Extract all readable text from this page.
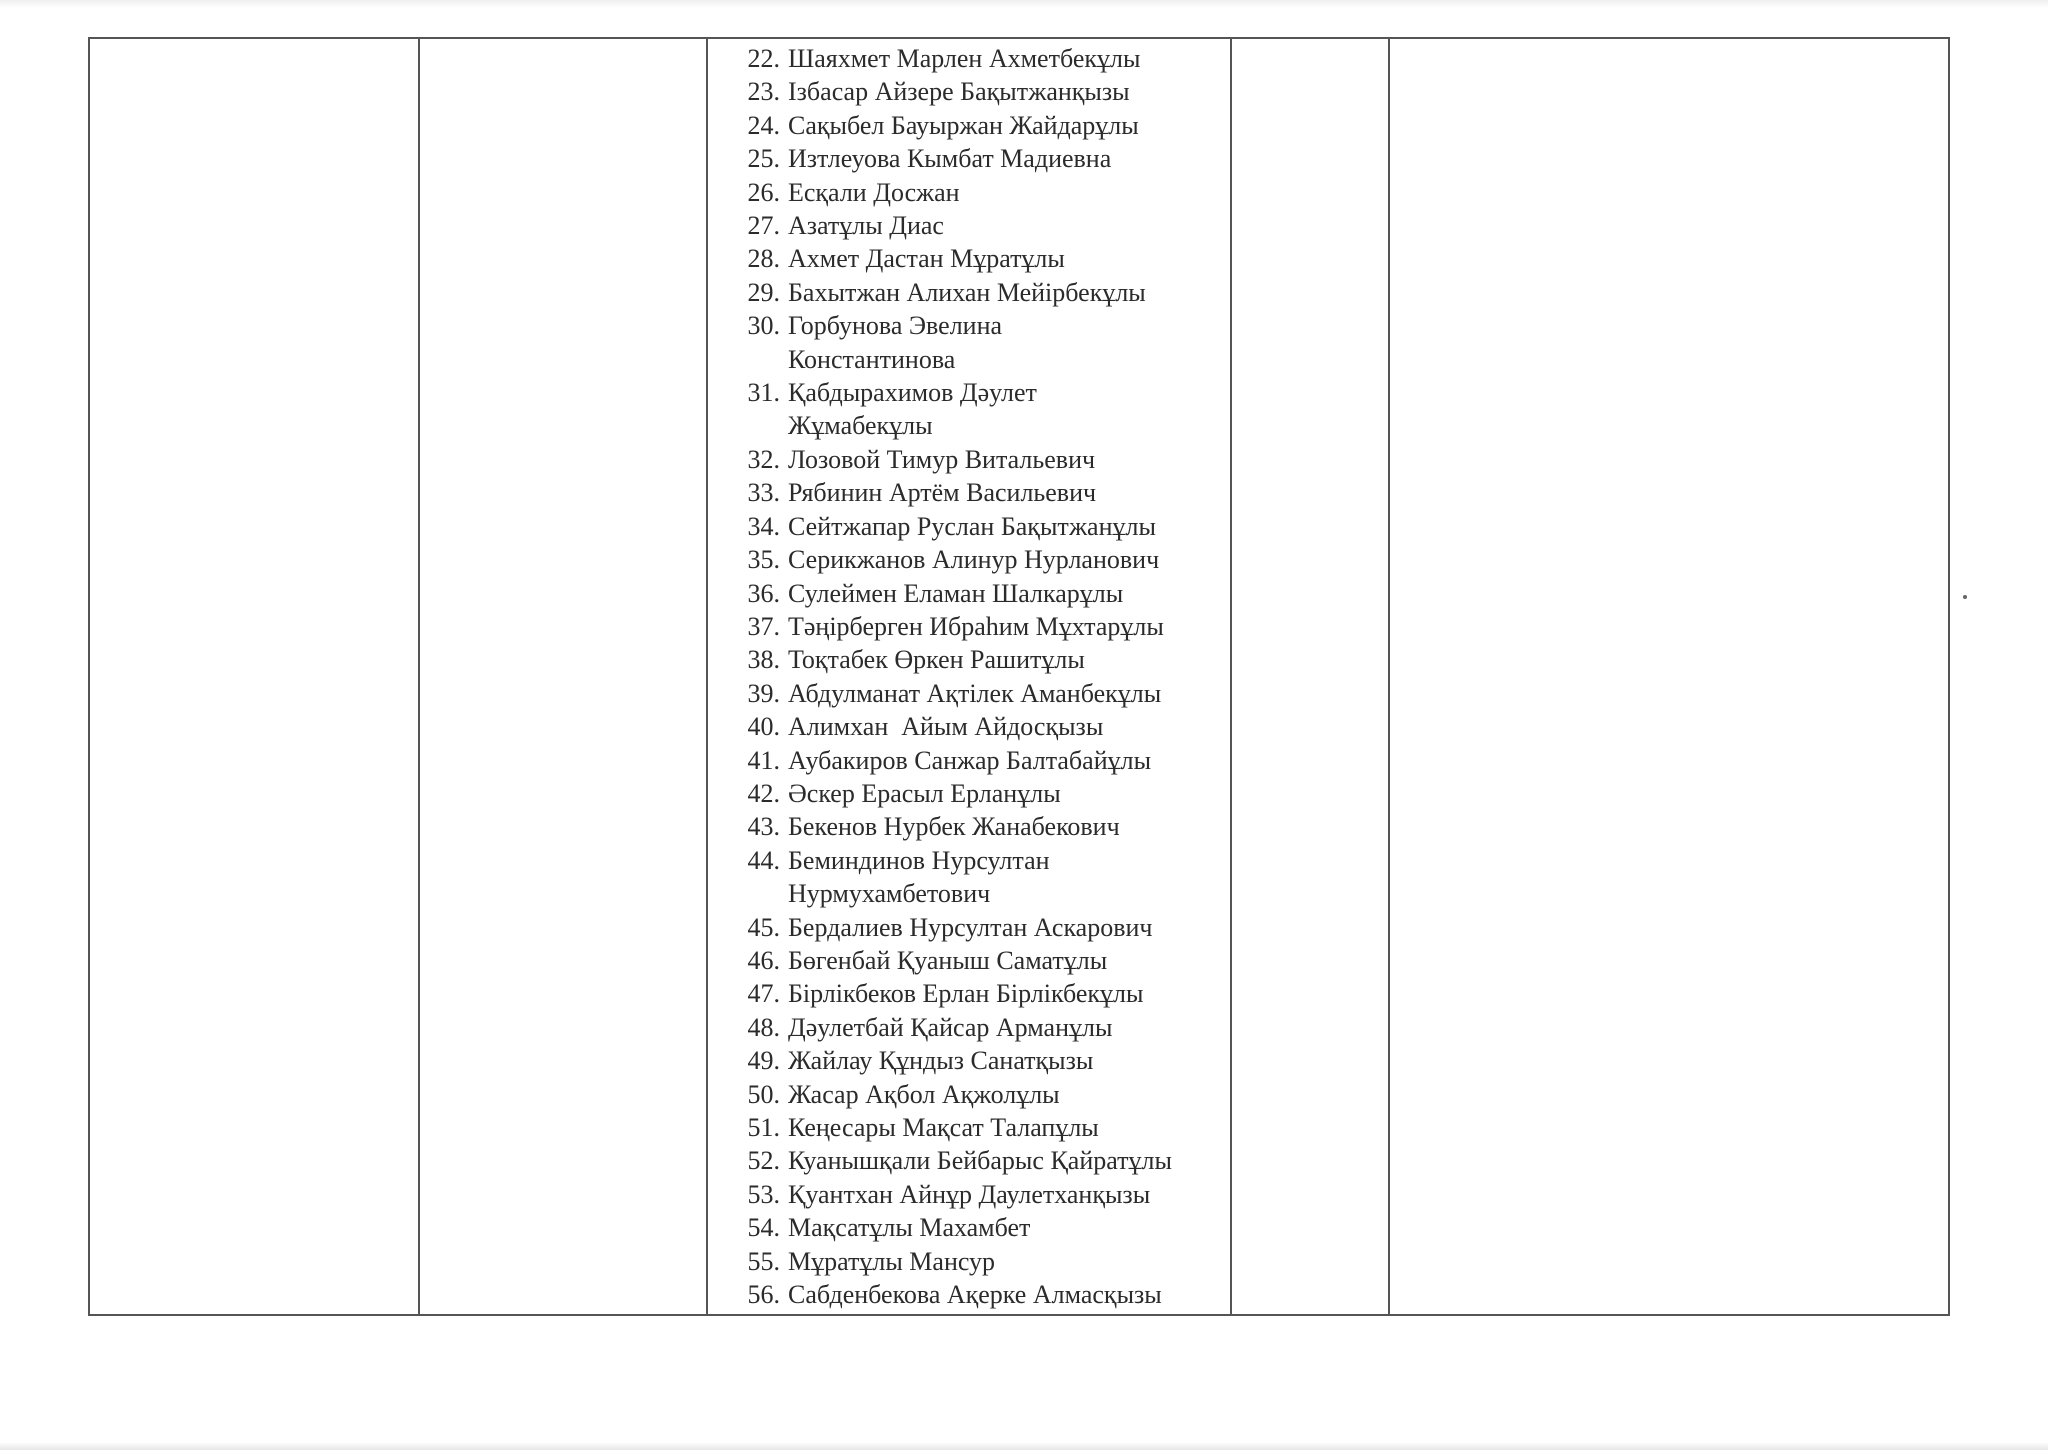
22. Шаяхмет Марлен Ахметбекұлы
23. Ізбасар Айзере Бақытжанқызы
24. Сақыбел Бауыржан Жайдарұлы
25. Изтлеуова Кымбат Мадиевна
26. Есқали Досжан
27. Азатұлы Диас
28. Ахмет Дастан Мұратұлы
29. Бахытжан Алихан Мейірбекұлы
30. Горбунова Эвелина
Константинова
31. Қабдырахимов Дәулет
Жұмабекұлы
32. Лозовой Тимур Витальевич
33. Рябинин Артём Васильевич
34. Сейтжапар Руслан Бақытжанұлы
35. Серикжанов Алинур Нурланович
36. Сулеймен Еламан Шалкарұлы
37. Тәңірберген Ибраһим Мұхтарұлы
38. Тоқтабек Өркен Рашитұлы
39. Абдулманат Ақтілек Аманбекұлы
40. Алимхан  Айым Айдосқызы
41. Аубакиров Санжар Балтабайұлы
42. Әскер Ерасыл Ерланұлы
43. Бекенов Нурбек Жанабекович
44. Беминдинов Нурсултан
Нурмухамбетович
45. Бердалиев Нурсултан Аскарович
46. Бөгенбай Қуаныш Саматұлы
47. Бірлікбеков Ерлан Бірлікбекұлы
48. Дәулетбай Қайсар Арманұлы
49. Жайлау Құндыз Санатқызы
50. Жасар Ақбол Ақжолұлы
51. Кеңесары Мақсат Талапұлы
52. Куанышқали Бейбарыс Қайратұлы
53. Қуантхан Айнұр Даулетханқызы
54. Мақсатұлы Махамбет
55. Мұратұлы Мансур
56. Сабденбекова Ақерке Алмасқызы
